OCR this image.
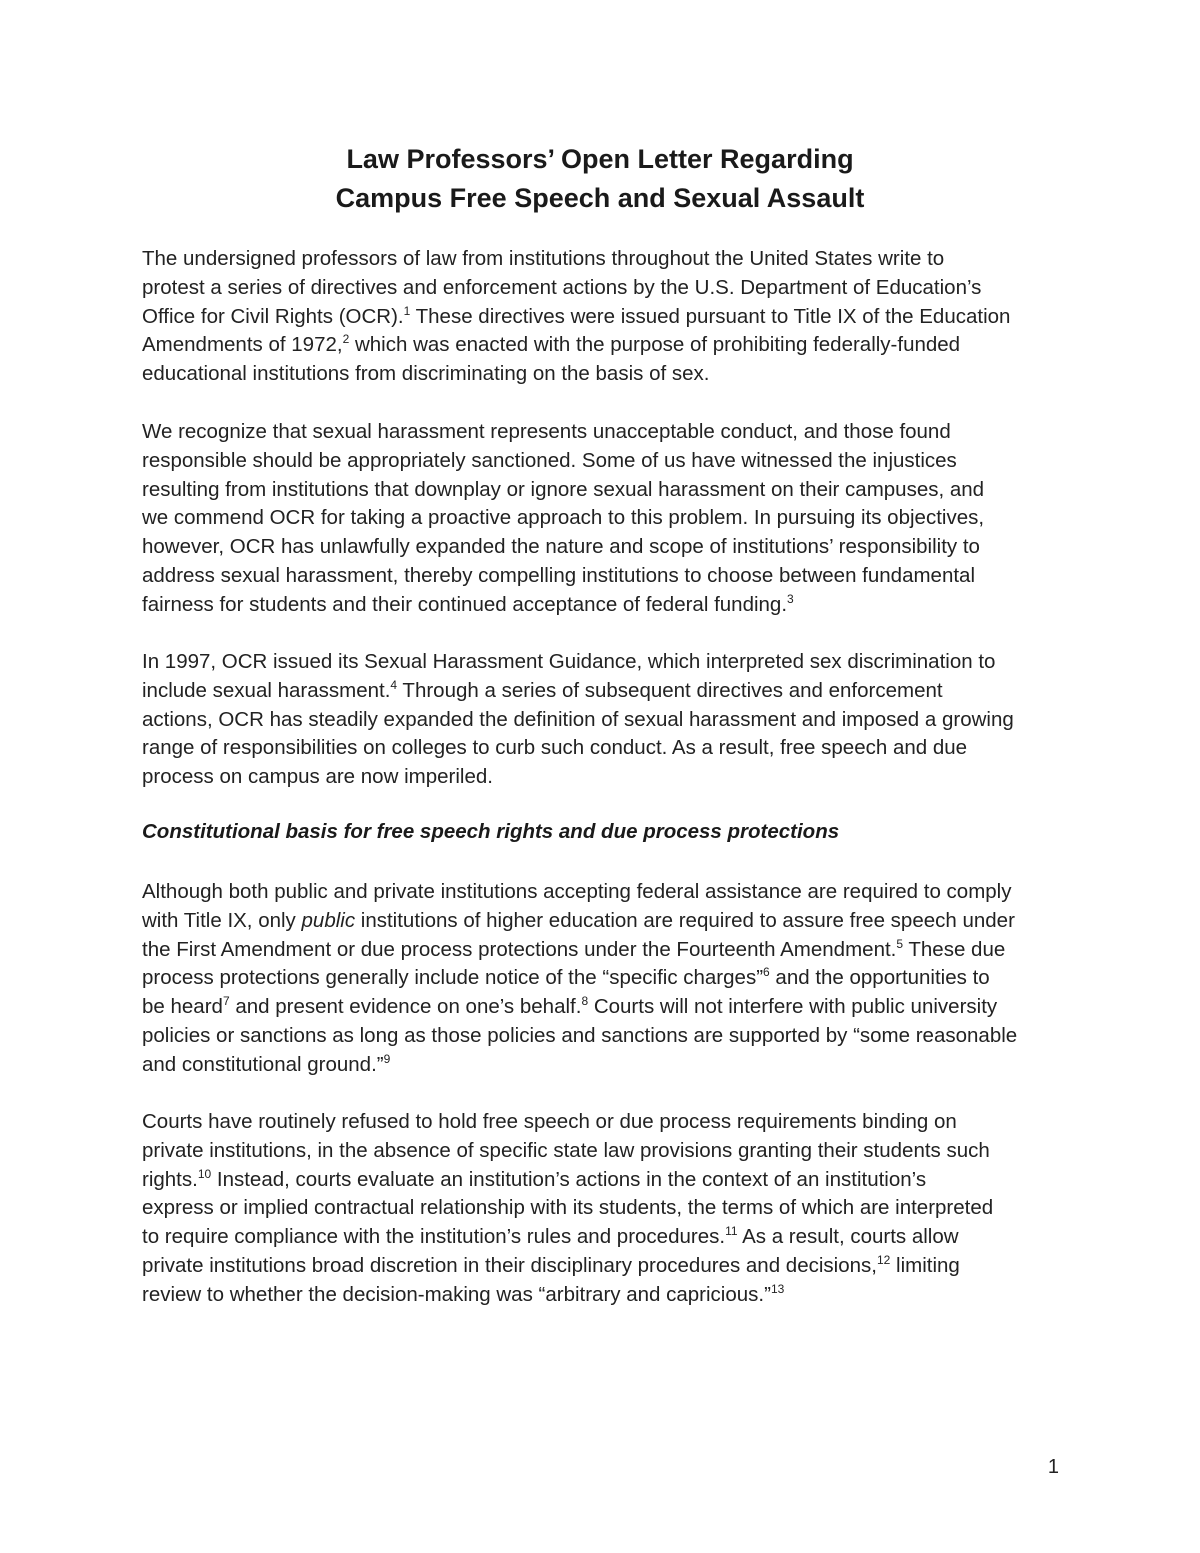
Law Professors’ Open Letter Regarding
Campus Free Speech and Sexual Assault
The undersigned professors of law from institutions throughout the United States write to
protest a series of directives and enforcement actions by the U.S. Department of Education’s
Office for Civil Rights (OCR).$^1$ These directives were issued pursuant to Title IX of the Education
Amendments of 1972,$^2$ which was enacted with the purpose of prohibiting federally-funded
educational institutions from discriminating on the basis of sex.
We recognize that sexual harassment represents unacceptable conduct, and those found
responsible should be appropriately sanctioned. Some of us have witnessed the injustices
resulting from institutions that downplay or ignore sexual harassment on their campuses, and
we commend OCR for taking a proactive approach to this problem. In pursuing its objectives,
however, OCR has unlawfully expanded the nature and scope of institutions’ responsibility to
address sexual harassment, thereby compelling institutions to choose between fundamental
fairness for students and their continued acceptance of federal funding.$^3$
In 1997, OCR issued its Sexual Harassment Guidance, which interpreted sex discrimination to
include sexual harassment.$^4$ Through a series of subsequent directives and enforcement
actions, OCR has steadily expanded the definition of sexual harassment and imposed a growing
range of responsibilities on colleges to curb such conduct. As a result, free speech and due
process on campus are now imperiled.
Constitutional basis for free speech rights and due process protections
Although both public and private institutions accepting federal assistance are required to comply
with Title IX, only public institutions of higher education are required to assure free speech under
the First Amendment or due process protections under the Fourteenth Amendment.$^5$ These due
process protections generally include notice of the “specific charges”$^6$ and the opportunities to
be heard$^7$ and present evidence on one’s behalf.$^8$ Courts will not interfere with public university
policies or sanctions as long as those policies and sanctions are supported by “some reasonable
and constitutional ground.”$^9$
Courts have routinely refused to hold free speech or due process requirements binding on
private institutions, in the absence of specific state law provisions granting their students such
rights.$^{10}$ Instead, courts evaluate an institution’s actions in the context of an institution’s
express or implied contractual relationship with its students, the terms of which are interpreted
to require compliance with the institution’s rules and procedures.$^{11}$ As a result, courts allow
private institutions broad discretion in their disciplinary procedures and decisions,$^{12}$ limiting
review to whether the decision-making was “arbitrary and capricious.”$^{13}$
1
